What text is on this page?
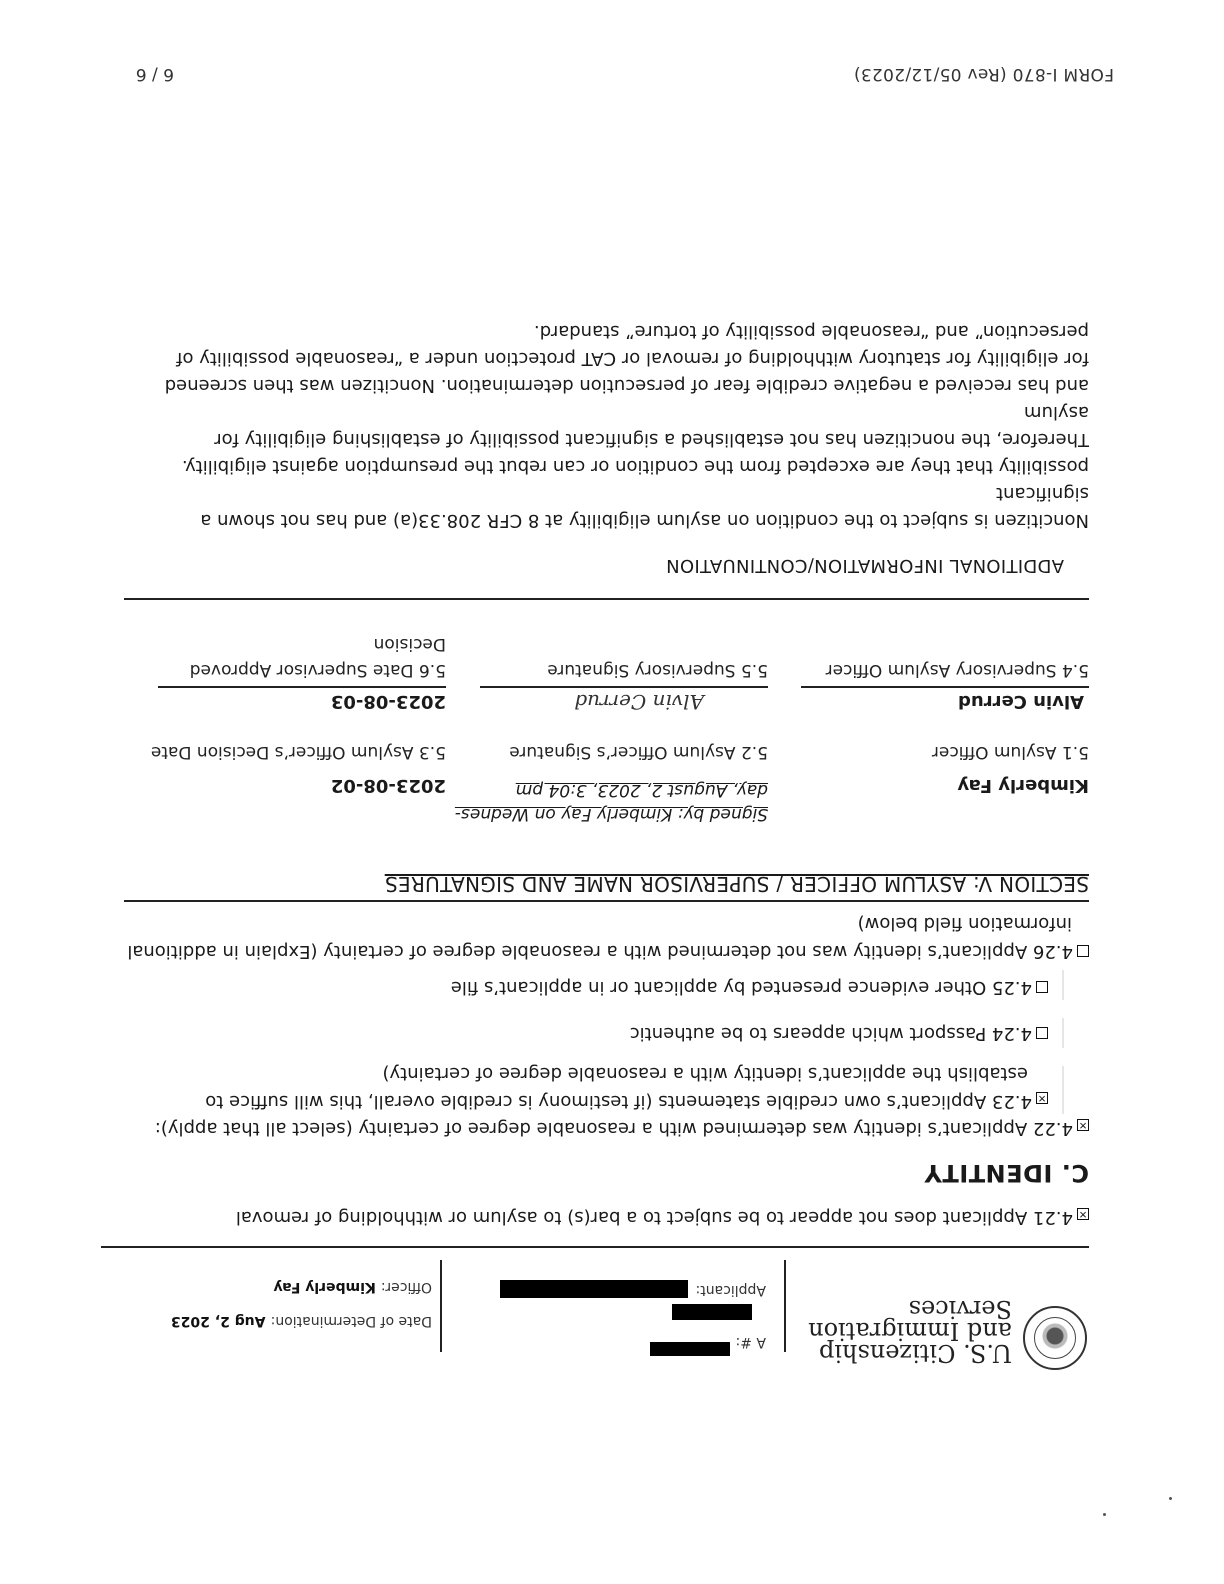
U.S. Citizenship
and Immigration
Services
A #:
Applicant:
Date of Determination: Aug 2, 2023
Officer: Kimberly Fay
✕4.21 Applicant does not appear to be subject to a bar(s) to asylum or withholding of removal
C. IDENTITY
✕4.22 Applicant’s identity was determined with a reasonable degree of certainty (select all that apply):
✕4.23 Applicant’s own credible statements (if testimony is credible overall, this will suffice to
establish the applicant’s identity with a reasonable degree of certainty)
4.24 Passport which appears to be authentic
4.25 Other evidence presented by applicant or in applicant’s file
4.26 Applicant’s identity was not determined with a reasonable degree of certainty (Explain in additional
information field below)
SECTION V: ASYLUM OFFICER / SUPERVISOR NAME AND SIGNATURES
Kimberly Fay
5.1 Asylum Officer
Signed by: Kimberly Fay on Wednes-
day, August 2, 2023, 3:04 pm
5.2 Asylum Officer’s Signature
2023-08-02
5.3 Asylum Officer’s Decision Date
Alvin Cerrud
5.4 Supervisory Asylum Officer
Alvin Cerrud
5.5 Supervisory Signature
2023-08-03
5.6 Date Supervisor Approved
Decision
ADDITIONAL INFORMATION/CONTINUATION
Noncitizen is subject to the condition on asylum eligibility at 8 CFR 208.33(a) and has not shown a significant
possibility that they are excepted from the condition or can rebut the presumption against eligibility.
Therefore, the noncitizen has not established a significant possibility of establishing eligibility for asylum
and has received a negative credible fear of persecution determination. Noncitizen was then screened
for eligibility for statutory withholding of removal or CAT protection under a “reasonable possibility of
persecution” and “reasonable possibility of torture” standard.
FORM I-870 (Rev 05/12/2023)
6 / 6
